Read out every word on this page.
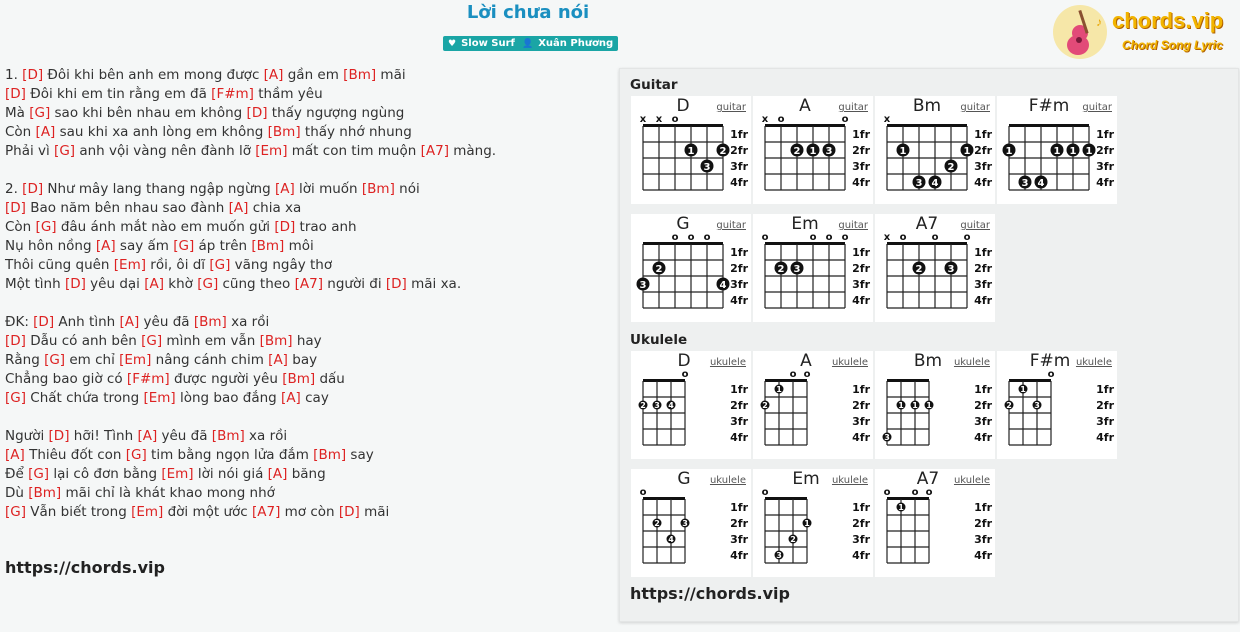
Lời chưa nói
♥ Slow Surf 👤 Xuân Phương
♪ chords.vip
Chord Song Lyric
1. [D] Đôi khi bên anh em mong được [A] gần em [Bm] mãi
[D] Đôi khi em tin rằng em đã [F#m] thầm yêu
Mà [G] sao khi bên nhau em không [D] thấy ngượng ngùng
Còn [A] sau khi xa anh lòng em không [Bm] thấy nhớ nhung
Phải vì [G] anh vội vàng nên đành lỡ [Em] mất con tim muộn [A7] màng.
2. [D] Như mây lang thang ngập ngừng [A] lời muốn [Bm] nói
[D] Bao năm bên nhau sao đành [A] chia xa
Còn [G] đâu ánh mắt nào em muốn gửi [D] trao anh
Nụ hôn nồng [A] say ấm [G] áp trên [Bm] môi
Thôi cũng quên [Em] rồi, ôi dĩ [G] vãng ngây thơ
Một tình [D] yêu dại [A] khờ [G] cũng theo [A7] người đi [D] mãi xa.
ĐK: [D] Anh tình [A] yêu đã [Bm] xa rồi
[D] Dẫu có anh bên [G] mình em vẫn [Bm] hay
Rằng [G] em chỉ [Em] nâng cánh chim [A] bay
Chẳng bao giờ có [F#m] được người yêu [Bm] dấu
[G] Chất chứa trong [Em] lòng bao đắng [A] cay
Người [D] hỡi! Tình [A] yêu đã [Bm] xa rồi
[A] Thiêu đốt con [G] tim bằng ngọn lửa đắm [Bm] say
Để [G] lại cô đơn bằng [Em] lời nói giá [A] băng
Dù [Bm] mãi chỉ là khát khao mong nhớ
[G] Vẫn biết trong [Em] đời một ước [A7] mơ còn [D] mãi
https://chords.vip
Guitar
x x o
1
3
2
1fr
2fr
3fr
4fr
D	guitar
x o	o
2 1 3
1fr
2fr
3fr
4fr
A	guitar
x
1
3 4
2
1
1fr
2fr
3fr
4fr
Bm	guitar
1
3 4
1 1 1
1fr
2fr
3fr
4fr
F#m	guitar
o o o
3
2
4
1fr
2fr
3fr
4fr
G	guitar
o	o o o
2 3
1fr
2fr
3fr
4fr
Em	guitar
x o	o	o
2	3
1fr
2fr
3fr
4fr
A7	guitar
Ukulele
o
2 3 4
1fr
2fr
3fr
4fr
D	ukulele
o o
2
1	1fr
2fr
3fr
4fr
A	ukulele
3
1 1 1
1fr
2fr
3fr
4fr
Bm	ukulele
o
2
1
3
1fr
2fr
3fr
4fr
F#m ukulele
o
2
4
3
1fr
2fr
3fr
4fr
G	ukulele
o
3
2
1
1fr
2fr
3fr
4fr
Em	ukulele
o o o
1	1fr
2fr
3fr
4fr
A7	ukulele
https://chords.vip
